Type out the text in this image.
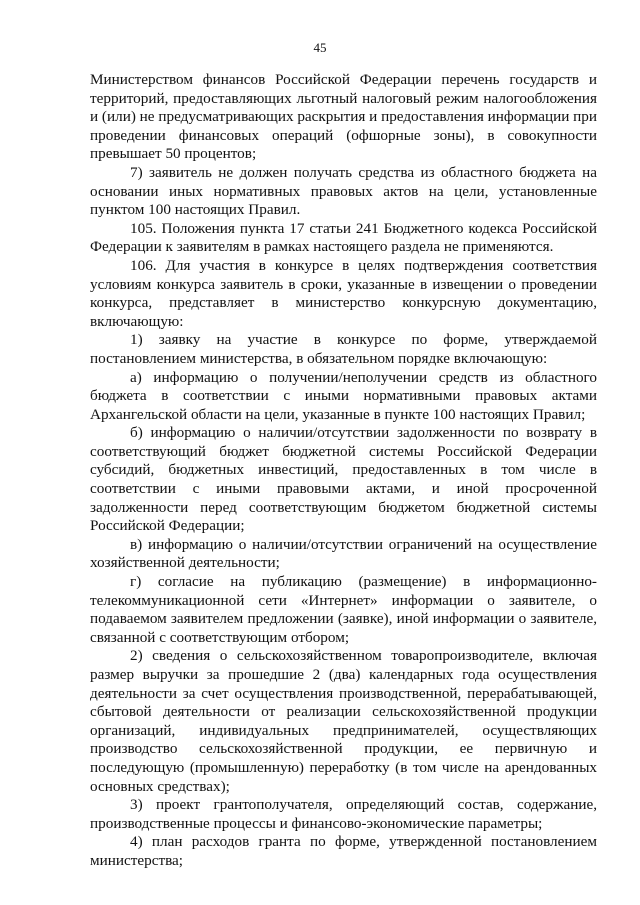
45

Министерством финансов Российской Федерации перечень государств и территорий, предоставляющих льготный налоговый режим налогообложения и (или) не предусматривающих раскрытия и предоставления информации при проведении финансовых операций (офшорные зоны), в совокупности превышает 50 процентов;

7) заявитель не должен получать средства из областного бюджета на основании иных нормативных правовых актов на цели, установленные пунктом 100 настоящих Правил.

105. Положения пункта 17 статьи 241 Бюджетного кодекса Российской Федерации к заявителям в рамках настоящего раздела не применяются.

106. Для участия в конкурсе в целях подтверждения соответствия условиям конкурса заявитель в сроки, указанные в извещении о проведении конкурса, представляет в министерство конкурсную документацию, включающую:

1) заявку на участие в конкурсе по форме, утверждаемой постановлением министерства, в обязательном порядке включающую:

а) информацию о получении/неполучении средств из областного бюджета в соответствии с иными нормативными правовых актами Архангельской области на цели, указанные в пункте 100 настоящих Правил;

б) информацию о наличии/отсутствии задолженности по возврату в соответствующий бюджет бюджетной системы Российской Федерации субсидий, бюджетных инвестиций, предоставленных в том числе в соответствии с иными правовыми актами, и иной просроченной задолженности перед соответствующим бюджетом бюджетной системы Российской Федерации;

в) информацию о наличии/отсутствии ограничений на осуществление хозяйственной деятельности;

г) согласие на публикацию (размещение) в информационно-телекоммуникационной сети «Интернет» информации о заявителе, о подаваемом заявителем предложении (заявке), иной информации о заявителе, связанной с соответствующим отбором;

2) сведения о сельскохозяйственном товаропроизводителе, включая размер выручки за прошедшие 2 (два) календарных года осуществления деятельности за счет осуществления производственной, перерабатывающей, сбытовой деятельности от реализации сельскохозяйственной продукции организаций, индивидуальных предпринимателей, осуществляющих производство сельскохозяйственной продукции, ее первичную и последующую (промышленную) переработку (в том числе на арендованных основных средствах);

3) проект грантополучателя, определяющий состав, содержание, производственные процессы и финансово-экономические параметры;

4) план расходов гранта по форме, утвержденной постановлением министерства;
